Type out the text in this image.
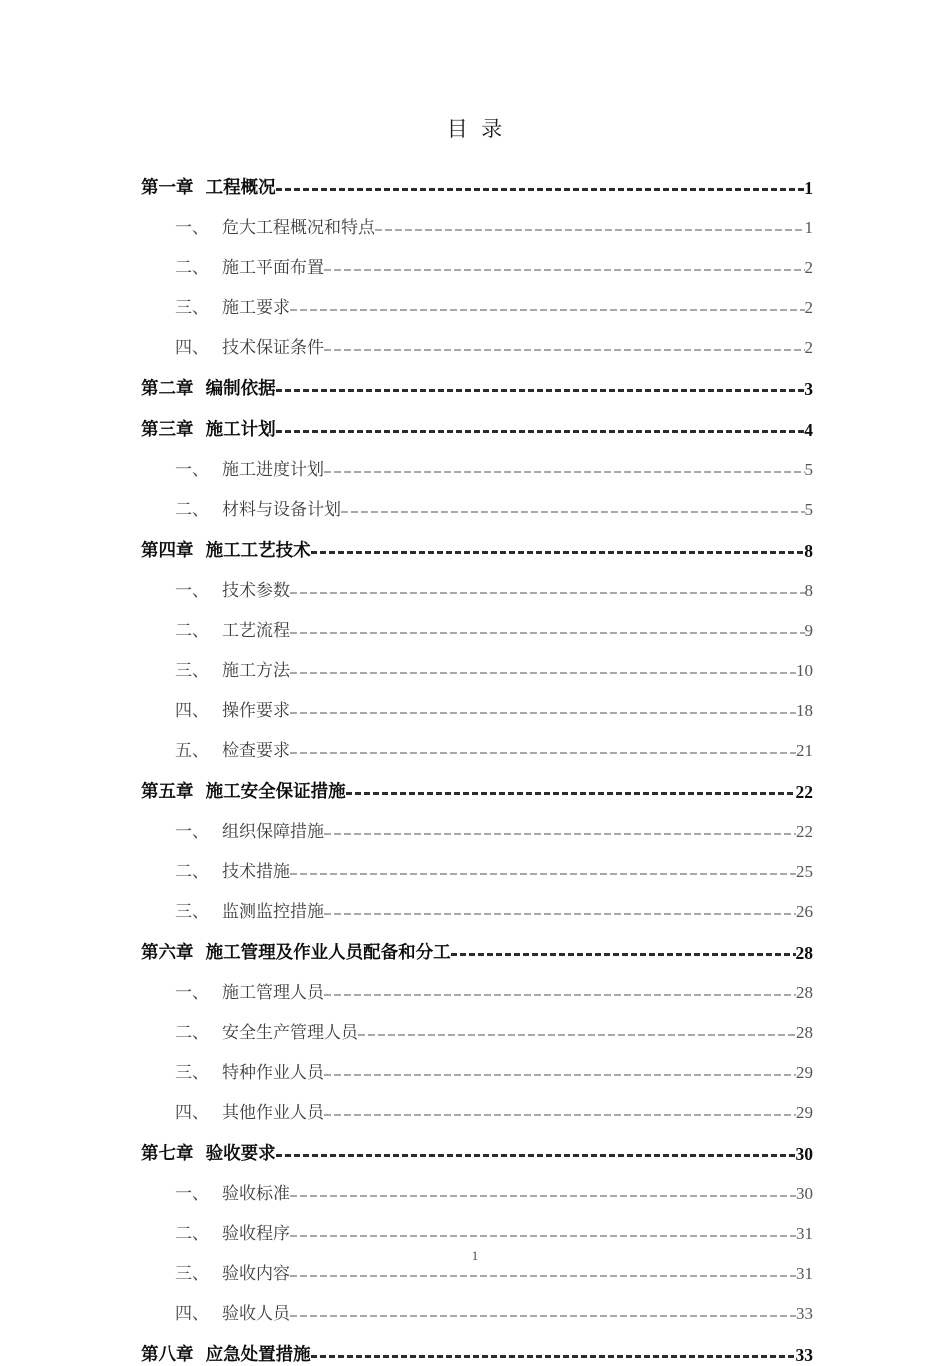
目  录
第一章  工程概况	1
一、 危大工程概况和特点	1
二、 施工平面布置	2
三、 施工要求	2
四、 技术保证条件	2
第二章  编制依据	3
第三章  施工计划	4
一、 施工进度计划	5
二、 材料与设备计划	5
第四章  施工工艺技术	8
一、 技术参数	8
二、 工艺流程	9
三、 施工方法	10
四、 操作要求	18
五、 检查要求	21
第五章  施工安全保证措施	22
一、 组织保障措施	22
二、 技术措施	25
三、 监测监控措施	26
第六章  施工管理及作业人员配备和分工	28
一、 施工管理人员	28
二、 安全生产管理人员	28
三、 特种作业人员	29
四、 其他作业人员	29
第七章  验收要求	30
一、 验收标准	30
二、 验收程序	31
三、 验收内容	31
四、 验收人员	33
第八章  应急处置措施	33
1
